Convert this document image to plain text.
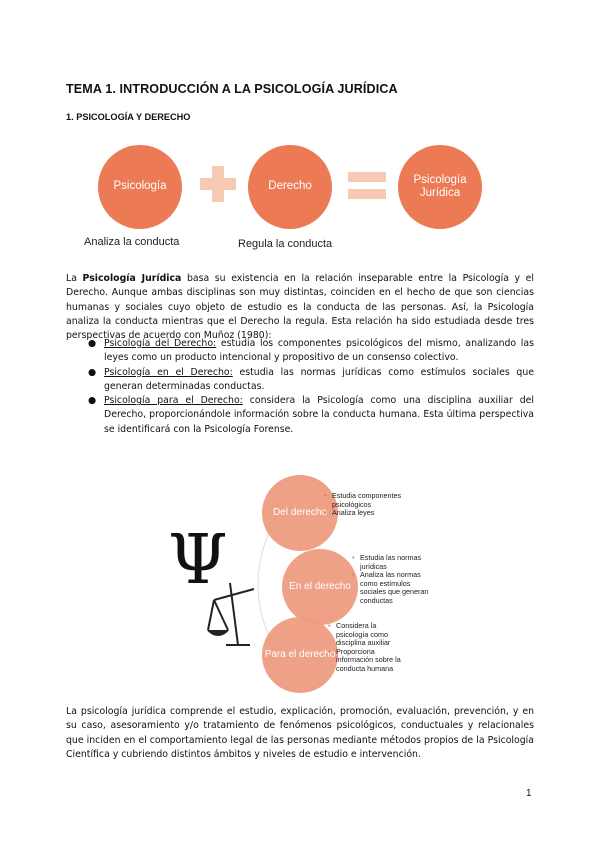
TEMA 1. INTRODUCCIÓN A LA PSICOLOGÍA JURÍDICA
1. PSICOLOGÍA Y DERECHO
Psicología	Derecho
Psicología Jurídica
Analiza la conducta	Regula la conducta
La Psicología Jurídica basa su existencia en la relación inseparable entre la Psicología y el Derecho. Aunque ambas disciplinas son muy distintas, coinciden en el hecho de que son ciencias humanas y sociales cuyo objeto de estudio es la conducta de las personas. Así, la Psicología analiza la conducta mientras que el Derecho la regula. Esta relación ha sido estudiada desde tres perspectivas de acuerdo con Muñoz (1980):
● Psicología del Derecho: estudia los componentes psicológicos del mismo, analizando las leyes como un producto intencional y propositivo de un consenso colectivo.
● Psicología en el Derecho: estudia las normas jurídicas como estímulos sociales que generan determinadas conductas.
● Psicología para el Derecho: considera la Psicología como una disciplina auxiliar del Derecho, proporcionándole información sobre la conducta humana. Esta última perspectiva se identificará con la Psicología Forense.
Ψ
Del derecho
En el derecho
Para el derecho
• Estudia componentes psicológicos
• Analiza leyes
• Estudia las normas jurídicas
• Analiza las normas como estímulos sociales que generan conductas
• Considera la psicología como disciplina auxiliar
• Proporciona información sobre la conducta humana
La psicología jurídica comprende el estudio, explicación, promoción, evaluación, prevención, y en su caso, asesoramiento y/o tratamiento de fenómenos psicológicos, conductuales y relacionales que inciden en el comportamiento legal de las personas mediante métodos propios de la Psicología Científica y cubriendo distintos ámbitos y niveles de estudio e intervención.
1
